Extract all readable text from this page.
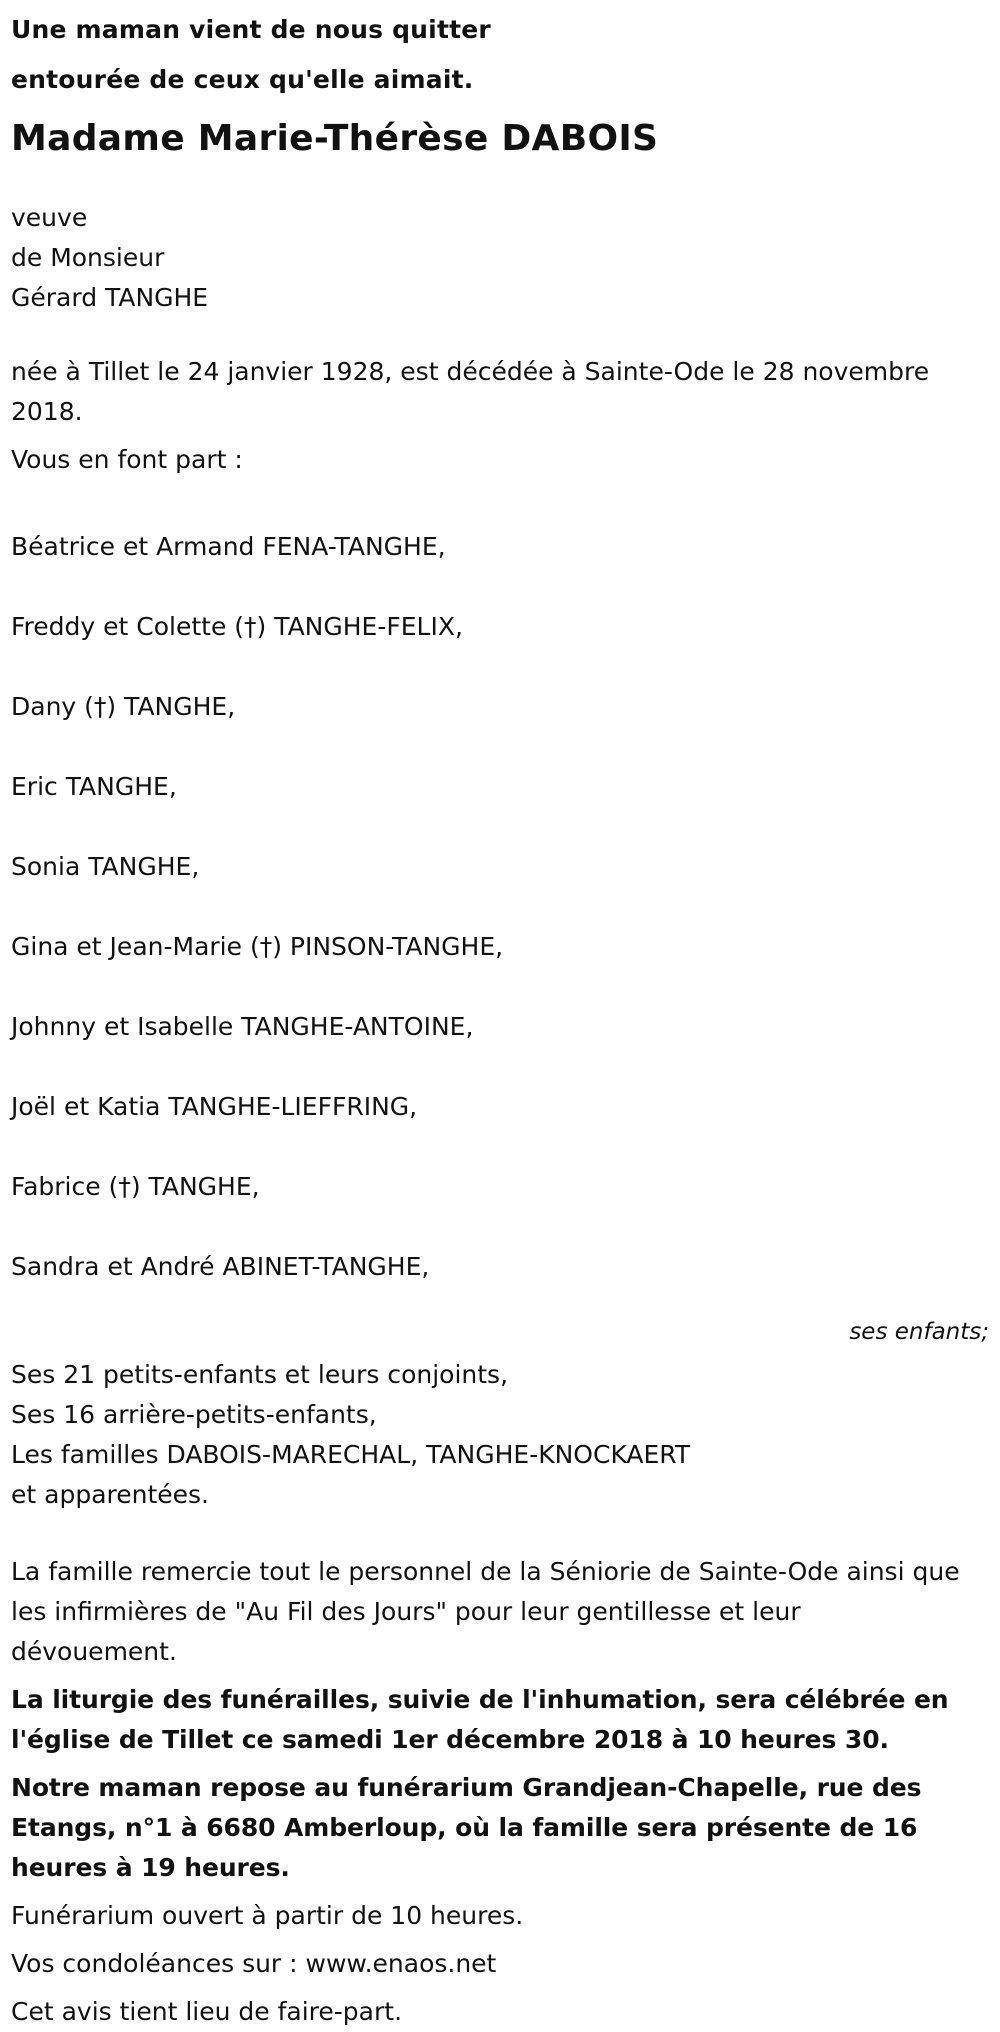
Une maman vient de nous quitter

entourée de ceux qu'elle aimait.

Madame Marie-Thérèse DABOIS

veuve
de Monsieur
Gérard TANGHE

née à Tillet le 24 janvier 1928, est décédée à Sainte-Ode le 28 novembre 2018.

Vous en font part :

Béatrice et Armand FENA-TANGHE,

Freddy et Colette (†) TANGHE-FELIX,

Dany (†) TANGHE,

Eric TANGHE,

Sonia TANGHE,

Gina et Jean-Marie (†) PINSON-TANGHE,

Johnny et Isabelle TANGHE-ANTOINE,

Joël et Katia TANGHE-LIEFFRING,

Fabrice (†) TANGHE,

Sandra et André ABINET-TANGHE,

ses enfants;

Ses 21 petits-enfants et leurs conjoints,
Ses 16 arrière-petits-enfants,
Les familles DABOIS-MARECHAL, TANGHE-KNOCKAERT
et apparentées.

La famille remercie tout le personnel de la Séniorie de Sainte-Ode ainsi que les infirmières de "Au Fil des Jours" pour leur gentillesse et leur dévouement.

La liturgie des funérailles, suivie de l'inhumation, sera célébrée en l'église de Tillet ce samedi 1er décembre 2018 à 10 heures 30.

Notre maman repose au funérarium Grandjean-Chapelle, rue des Etangs, n°1 à 6680 Amberloup, où la famille sera présente de 16 heures à 19 heures.

Funérarium ouvert à partir de 10 heures.

Vos condoléances sur : www.enaos.net

Cet avis tient lieu de faire-part.
